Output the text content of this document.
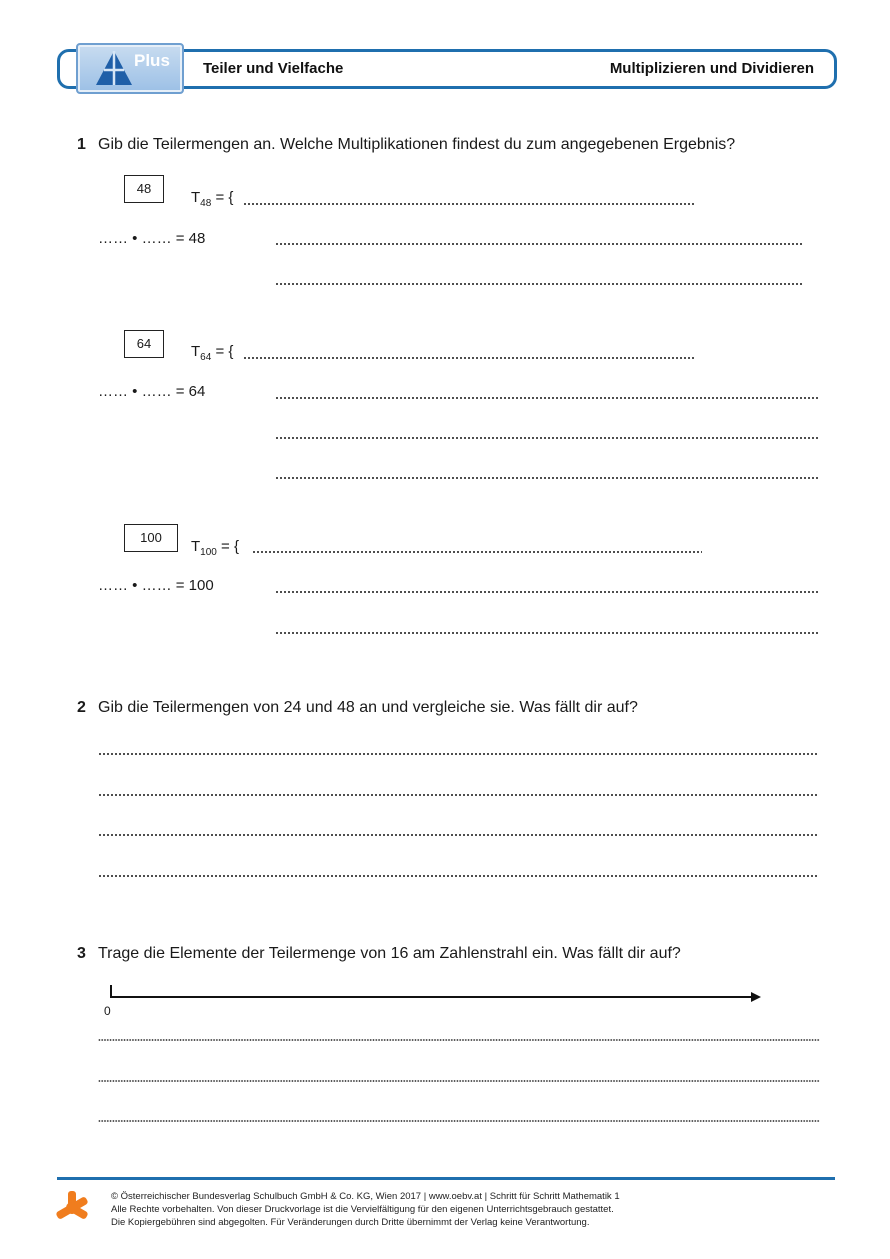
Plus Teiler und Vielfache	Multiplizieren und Dividieren
1 Gib die Teilermengen an. Welche Multiplikationen findest du zum angegebenen Ergebnis?
48
$T_{48}$ = {
…… • …… = 48
64	$T_{64}$ = {
…… • …… = 64
100
$T_{100}$ = {
…… • …… = 100
2 Gib die Teilermengen von 24 und 48 an und vergleiche sie. Was fällt dir auf?
3 Trage die Elemente der Teilermenge von 16 am Zahlenstrahl ein. Was fällt dir auf?
0
© Österreichischer Bundesverlag Schulbuch GmbH & Co. KG, Wien 2017 | www.oebv.at | Schritt für Schritt Mathematik 1
Alle Rechte vorbehalten. Von dieser Druckvorlage ist die Vervielfältigung für den eigenen Unterrichtsgebrauch gestattet.
Die Kopiergebühren sind abgegolten. Für Veränderungen durch Dritte übernimmt der Verlag keine Verantwortung.
